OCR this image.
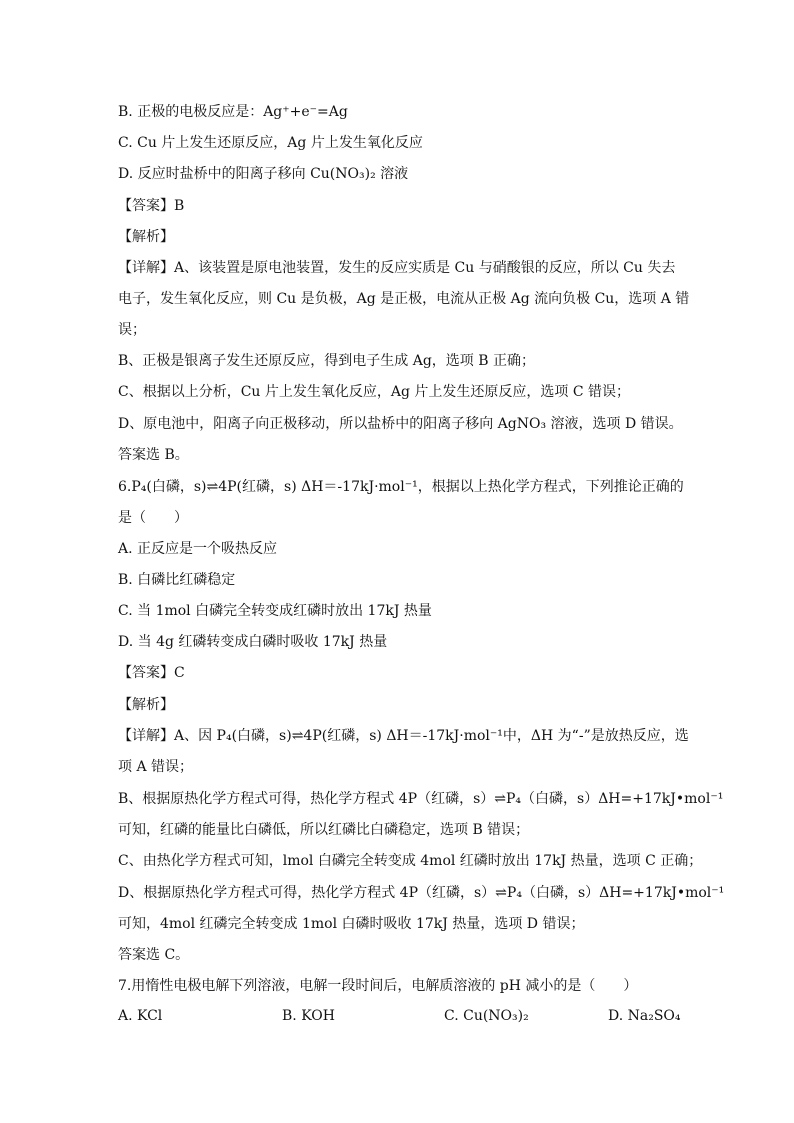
B. 正极的电极反应是：Ag⁺+e⁻=Ag
C. Cu 片上发生还原反应，Ag 片上发生氧化反应
D. 反应时盐桥中的阳离子移向 Cu(NO₃)₂ 溶液
【答案】B
【解析】
【详解】A、该装置是原电池装置，发生的反应实质是 Cu 与硝酸银的反应，所以 Cu 失去
电子，发生氧化反应，则 Cu 是负极，Ag 是正极，电流从正极 Ag 流向负极 Cu，选项 A 错
误；
B、正极是银离子发生还原反应，得到电子生成 Ag，选项 B 正确；
C、根据以上分析，Cu 片上发生氧化反应，Ag 片上发生还原反应，选项 C 错误；
D、原电池中，阳离子向正极移动，所以盐桥中的阳离子移向 AgNO₃ 溶液，选项 D 错误。
答案选 B。
6.P₄(白磷，s)⇌4P(红磷，s) ΔH＝-17kJ·mol⁻¹，根据以上热化学方程式，下列推论正确的
是（　　）
A. 正反应是一个吸热反应
B. 白磷比红磷稳定
C. 当 1mol 白磷完全转变成红磷时放出 17kJ 热量
D. 当 4g 红磷转变成白磷时吸收 17kJ 热量
【答案】C
【解析】
【详解】A、因 P₄(白磷，s)⇌4P(红磷，s) ΔH＝-17kJ·mol⁻¹中，ΔH 为“-”是放热反应，选
项 A 错误；
B、根据原热化学方程式可得，热化学方程式 4P（红磷，s）⇌P₄（白磷，s）ΔH=+17kJ•mol⁻¹
可知，红磷的能量比白磷低，所以红磷比白磷稳定，选项 B 错误；
C、由热化学方程式可知，lmol 白磷完全转变成 4mol 红磷时放出 17kJ 热量，选项 C 正确；
D、根据原热化学方程式可得，热化学方程式 4P（红磷，s）⇌P₄（白磷，s）ΔH=+17kJ•mol⁻¹
可知，4mol 红磷完全转变成 1mol 白磷时吸收 17kJ 热量，选项 D 错误；
答案选 C。
7.用惰性电极电解下列溶液，电解一段时间后，电解质溶液的 pH 减小的是（　　）
A. KCl	B. KOH	C. Cu(NO₃)₂	D. Na₂SO₄
